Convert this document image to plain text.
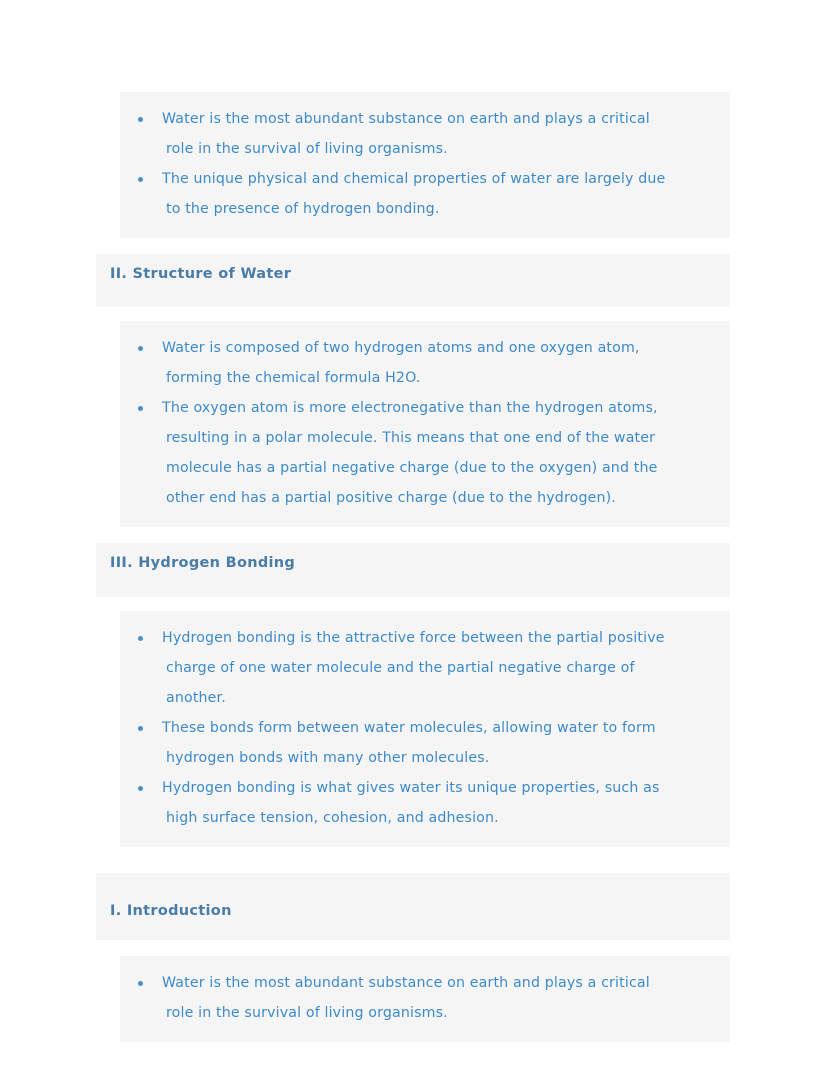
Water is the most abundant substance on earth and plays a critical
role in the survival of living organisms.
The unique physical and chemical properties of water are largely due
to the presence of hydrogen bonding.
II. Structure of Water
Water is composed of two hydrogen atoms and one oxygen atom,
forming the chemical formula H2O.
The oxygen atom is more electronegative than the hydrogen atoms,
resulting in a polar molecule. This means that one end of the water
molecule has a partial negative charge (due to the oxygen) and the
other end has a partial positive charge (due to the hydrogen).
III. Hydrogen Bonding
Hydrogen bonding is the attractive force between the partial positive
charge of one water molecule and the partial negative charge of
another.
These bonds form between water molecules, allowing water to form
hydrogen bonds with many other molecules.
Hydrogen bonding is what gives water its unique properties, such as
high surface tension, cohesion, and adhesion.
I. Introduction
Water is the most abundant substance on earth and plays a critical
role in the survival of living organisms.
